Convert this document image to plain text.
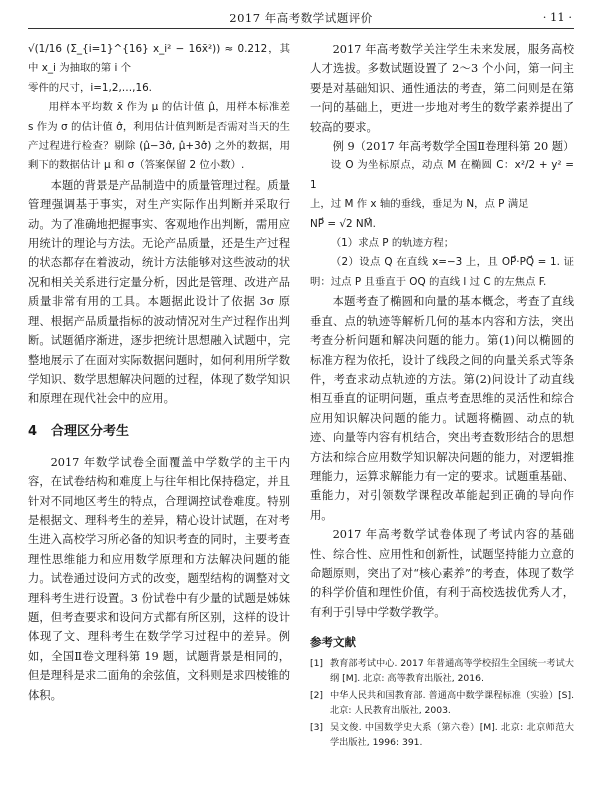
2017 年高考数学试题评价	· 11 ·

√(1/16 (Σ_{i=1}^{16} x_i² − 16x̄²)) ≈ 0.212，其中 x_i 为抽取的第 i 个

零件的尺寸，i=1,2,…,16.

用样本平均数 x̄ 作为 μ 的估计值 μ̂，用样本标准差 s 作为 σ 的估计值 σ̂，利用估计值判断是否需对当天的生产过程进行检查？剔除 (μ̂−3σ̂, μ̂+3σ̂) 之外的数据，用剩下的数据估计 μ 和 σ（答案保留 2 位小数）.

本题的背景是产品制造中的质量管理过程。质量管理强调基于事实，对生产实际作出判断并采取行动。为了准确地把握事实、客观地作出判断，需用应用统计的理论与方法。无论产品质量，还是生产过程的状态都存在着波动，统计方法能够对这些波动的状况和相关关系进行定量分析，因此是管理、改进产品质量非常有用的工具。本题据此设计了依据 3σ 原理、根据产品质量指标的波动情况对生产过程作出判断。试题循序渐进，逐步把统计思想融入试题中，完整地展示了在面对实际数据问题时，如何利用所学数学知识、数学思想解决问题的过程，体现了数学知识和原理在现代社会中的应用。

4 合理区分考生

2017 年数学试卷全面覆盖中学数学的主干内容，在试卷结构和难度上与往年相比保持稳定，并且针对不同地区考生的特点，合理调控试卷难度。特别是根据文、理科考生的差异，精心设计试题，在对考生进入高校学习所必备的知识考查的同时，主要考查理性思维能力和应用数学原理和方法解决问题的能力。试卷通过设问方式的改变，题型结构的调整对文理科考生进行设置。3 份试卷中有少量的试题是姊妹题，但考查要求和设问方式都有所区别，这样的设计体现了文、理科考生在数学学习过程中的差异。例如，全国Ⅱ卷文理科第 19 题，试题背景是相同的，但是理科是求二面角的余弦值，文科则是求四棱锥的体积。

2017 年高考数学关注学生未来发展，服务高校人才选拔。多数试题设置了 2～3 个小问，第一问主要是对基础知识、通性通法的考查，第二问则是在第一问的基础上，更进一步地对考生的数学素养提出了较高的要求。

例 9（2017 年高考数学全国Ⅱ卷理科第 20 题）

设 O 为坐标原点，动点 M 在椭圆 C：x²/2 + y² = 1

上，过 M 作 x 轴的垂线，垂足为 N，点 P 满足

NP⃗ = √2 NM⃗.

（1）求点 P 的轨迹方程；

（2）设点 Q 在直线 x=−3 上，且 OP⃗·PQ⃗ = 1. 证明：过点 P 且垂直于 OQ 的直线 l 过 C 的左焦点 F.

本题考查了椭圆和向量的基本概念，考查了直线垂直、点的轨迹等解析几何的基本内容和方法，突出考查分析问题和解决问题的能力。第(1)问以椭圆的标准方程为依托，设计了线段之间的向量关系式等条件，考查求动点轨迹的方法。第(2)问设计了动直线相互垂直的证明问题，重点考查思维的灵活性和综合应用知识解决问题的能力。试题将椭圆、动点的轨迹、向量等内容有机结合，突出考查数形结合的思想方法和综合应用数学知识解决问题的能力，对逻辑推理能力，运算求解能力有一定的要求。试题重基础、重能力，对引领数学课程改革能起到正确的导向作用。

2017 年高考数学试卷体现了考试内容的基础性、综合性、应用性和创新性，试题坚持能力立意的命题原则，突出了对“核心素养”的考查，体现了数学的科学价值和理性价值，有利于高校选拔优秀人才，有利于引导中学数学教学。

参考文献
[1] 教育部考试中心. 2017 年普通高等学校招生全国统一考试大纲 [M]. 北京: 高等教育出版社, 2016.
[2] 中华人民共和国教育部. 普通高中数学课程标准（实验）[S]. 北京: 人民教育出版社, 2003.
[3] 吴文俊. 中国数学史大系（第六卷）[M]. 北京: 北京师范大学出版社, 1996: 391.
